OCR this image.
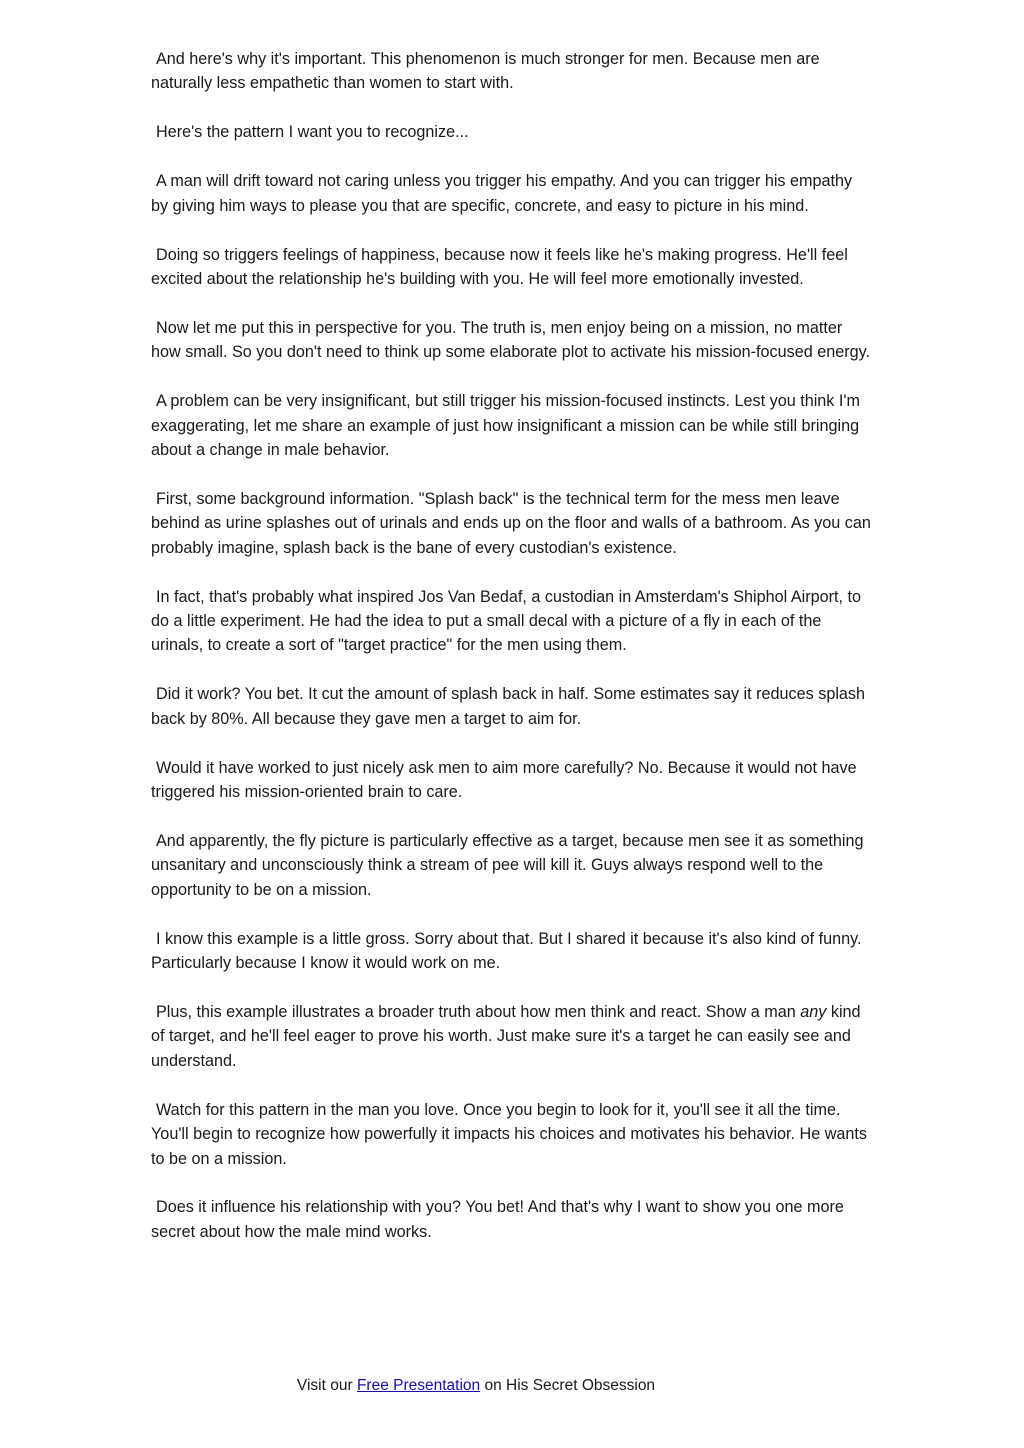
And here's why it's important. This phenomenon is much stronger for men. Because men are naturally less empathetic than women to start with.

Here's the pattern I want you to recognize...

A man will drift toward not caring unless you trigger his empathy. And you can trigger his empathy by giving him ways to please you that are specific, concrete, and easy to picture in his mind.

Doing so triggers feelings of happiness, because now it feels like he's making progress. He'll feel excited about the relationship he's building with you. He will feel more emotionally invested.

Now let me put this in perspective for you. The truth is, men enjoy being on a mission, no matter how small. So you don't need to think up some elaborate plot to activate his mission-focused energy.

A problem can be very insignificant, but still trigger his mission-focused instincts. Lest you think I'm exaggerating, let me share an example of just how insignificant a mission can be while still bringing about a change in male behavior.

First, some background information. "Splash back" is the technical term for the mess men leave behind as urine splashes out of urinals and ends up on the floor and walls of a bathroom. As you can probably imagine, splash back is the bane of every custodian's existence.

In fact, that's probably what inspired Jos Van Bedaf, a custodian in Amsterdam's Shiphol Airport, to do a little experiment. He had the idea to put a small decal with a picture of a fly in each of the urinals, to create a sort of "target practice" for the men using them.

Did it work? You bet. It cut the amount of splash back in half. Some estimates say it reduces splash back by 80%. All because they gave men a target to aim for.

Would it have worked to just nicely ask men to aim more carefully? No. Because it would not have triggered his mission-oriented brain to care.

And apparently, the fly picture is particularly effective as a target, because men see it as something unsanitary and unconsciously think a stream of pee will kill it. Guys always respond well to the opportunity to be on a mission.

I know this example is a little gross. Sorry about that. But I shared it because it's also kind of funny. Particularly because I know it would work on me.

Plus, this example illustrates a broader truth about how men think and react. Show a man any kind of target, and he'll feel eager to prove his worth. Just make sure it's a target he can easily see and understand.

Watch for this pattern in the man you love. Once you begin to look for it, you'll see it all the time. You'll begin to recognize how powerfully it impacts his choices and motivates his behavior. He wants to be on a mission.

Does it influence his relationship with you? You bet! And that's why I want to show you one more secret about how the male mind works.

Visit our Free Presentation on His Secret Obsession
